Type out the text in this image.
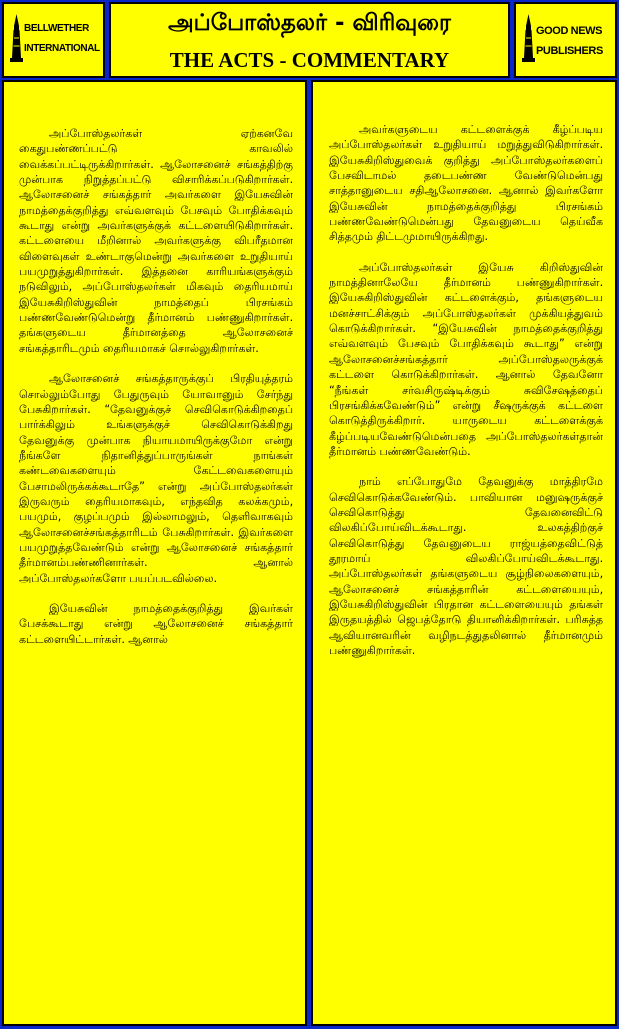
BELLWETHER
INTERNATIONAL
அப்போஸ்தலர் - விரிவுரை
THE ACTS - COMMENTARY
GOOD NEWS
PUBLISHERS

அப்போஸ்தலர்கள் ஏற்கனவே கைதுபண்ணப்பட்டு காவலில் வைக்கப்பட்டிருக்கிறார்கள். ஆலோசனைச் சங்கத்திற்கு முன்பாக நிறுத்தப்பட்டு விசாரிக்கப்படுகிறார்கள். ஆலோசனைச் சங்கத்தார் அவர்களை இயேசுவின் நாமத்தைக்குறித்து எவ்வளவும் பேசவும் போதிக்கவும் கூடாது என்று அவர்களுக்குக் கட்டளையிடுகிறார்கள். கட்டளையை மீறினால் அவர்களுக்கு விபரீதமான விளைவுகள் உண்டாகுமென்று அவர்களை உறுதியாய் பயமுறுத்துகிறார்கள். இத்தனை காரியங்களுக்கும் நடுவிலும், அப்போஸ்தலர்கள் மிகவும் தைரியமாய் இயேசுகிறிஸ்துவின் நாமத்தைப் பிரசங்கம் பண்ணவேண்டுமென்று தீர்மானம் பண்ணுகிறார்கள். தங்களுடைய தீர்மானத்தை ஆலோசனைச் சங்கத்தாரிடமும் தைரியமாகச் சொல்லுகிறார்கள்.

ஆலோசனைச் சங்கத்தாருக்குப் பிரதியுத்தரம் சொல்லும்போது பேதுருவும் யோவானும் சேர்ந்து பேசுகிறார்கள். “தேவனுக்குச் செவிகொடுக்கிறதைப் பார்க்கிலும் உங்களுக்குச் செவிகொடுக்கிறது தேவனுக்கு முன்பாக நியாயமாயிருக்குமோ என்று நீங்களே நிதானித்துப்பாருங்கள் நாங்கள் கண்டவைகளையும் கேட்டவைகளையும் பேசாமலிருக்கக்கூடாதே” என்று அப்போஸ்தலர்கள் இருவரும் தைரியமாகவும், எந்தவித கலக்கமும், பயமும், குழப்பமும் இல்லாமலும், தெளிவாகவும் ஆலோசனைச்சங்கத்தாரிடம் பேசுகிறார்கள். இவர்களை பயமுறுத்தவேண்டும் என்று ஆலோசனைச் சங்கத்தார் தீர்மானம்பண்ணினார்கள். ஆனால் அப்போஸ்தலர்களோ பயப்படவில்லை.

இயேசுவின் நாமத்தைக்குறித்து இவர்கள் பேசக்கூடாது என்று ஆலோசனைச் சங்கத்தார் கட்டளையிட்டார்கள். ஆனால்

அவர்களுடைய கட்டளைக்குக் கீழ்ப்படிய அப்போஸ்தலர்கள் உறுதியாய் மறுத்துவிடுகிறார்கள். இயேசுகிறிஸ்துவைக் குறித்து அப்போஸ்தலர்களைப் பேசவிடாமல் தடைபண்ண வேண்டுமென்பது சாத்தானுடைய சதிஆலோசனை. ஆனால் இவர்களோ இயேசுவின் நாமத்தைக்குறித்து பிரசங்கம் பண்ணவேண்டுமென்பது தேவனுடைய தெய்வீக சித்தமும் திட்டமுமாயிருக்கிறது.

அப்போஸ்தலர்கள் இயேசு கிறிஸ்துவின் நாமத்தினாலேயே தீர்மானம் பண்ணுகிறார்கள். இயேசுகிறிஸ்துவின் கட்டளைக்கும், தங்களுடைய மனச்சாட்சிக்கும் அப்போஸ்தலர்கள் முக்கியத்துவம் கொடுக்கிறார்கள். “இயேசுவின் நாமத்தைக்குறித்து எவ்வளவும் பேசவும் போதிக்கவும் கூடாது” என்று ஆலோசனைச்சங்கத்தார் அப்போஸ்தலருக்குக் கட்டளை கொடுக்கிறார்கள். ஆனால் தேவனோ “நீங்கள் சர்வசிருஷ்டிக்கும் சுவிசேஷத்தைப் பிரசங்கிக்கவேண்டும்” என்று சீஷருக்குக் கட்டளை கொடுத்திருக்கிறார். யாருடைய கட்டளைக்குக் கீழ்ப்படியவேண்டுமென்பதை அப்போஸ்தலர்கள்தான் தீர்மானம் பண்ணவேண்டும்.

நாம் எப்போதுமே தேவனுக்கு மாத்திரமே செவிகொடுக்கவேண்டும். பாவியான மனுஷருக்குச் செவிகொடுத்து தேவனைவிட்டு விலகிப்போய்விடக்கூடாது. உலகத்திற்குச் செவிகொடுத்து தேவனுடைய ராஜ்யத்தைவிட்டுத் தூரமாய் விலகிப்போய்விடக்கூடாது. அப்போஸ்தலர்கள் தங்களுடைய சூழ்நிலைகளையும், ஆலோசனைச் சங்கத்தாரின் கட்டளையையும், இயேசுகிறிஸ்துவின் பிரதான கட்டளையையும் தங்கள் இருதயத்தில் ஜெபத்தோடு தியானிக்கிறார்கள். பரிசுத்த ஆவியானவரின் வழிநடத்துதலினால் தீர்மானமும் பண்ணுகிறார்கள்.
